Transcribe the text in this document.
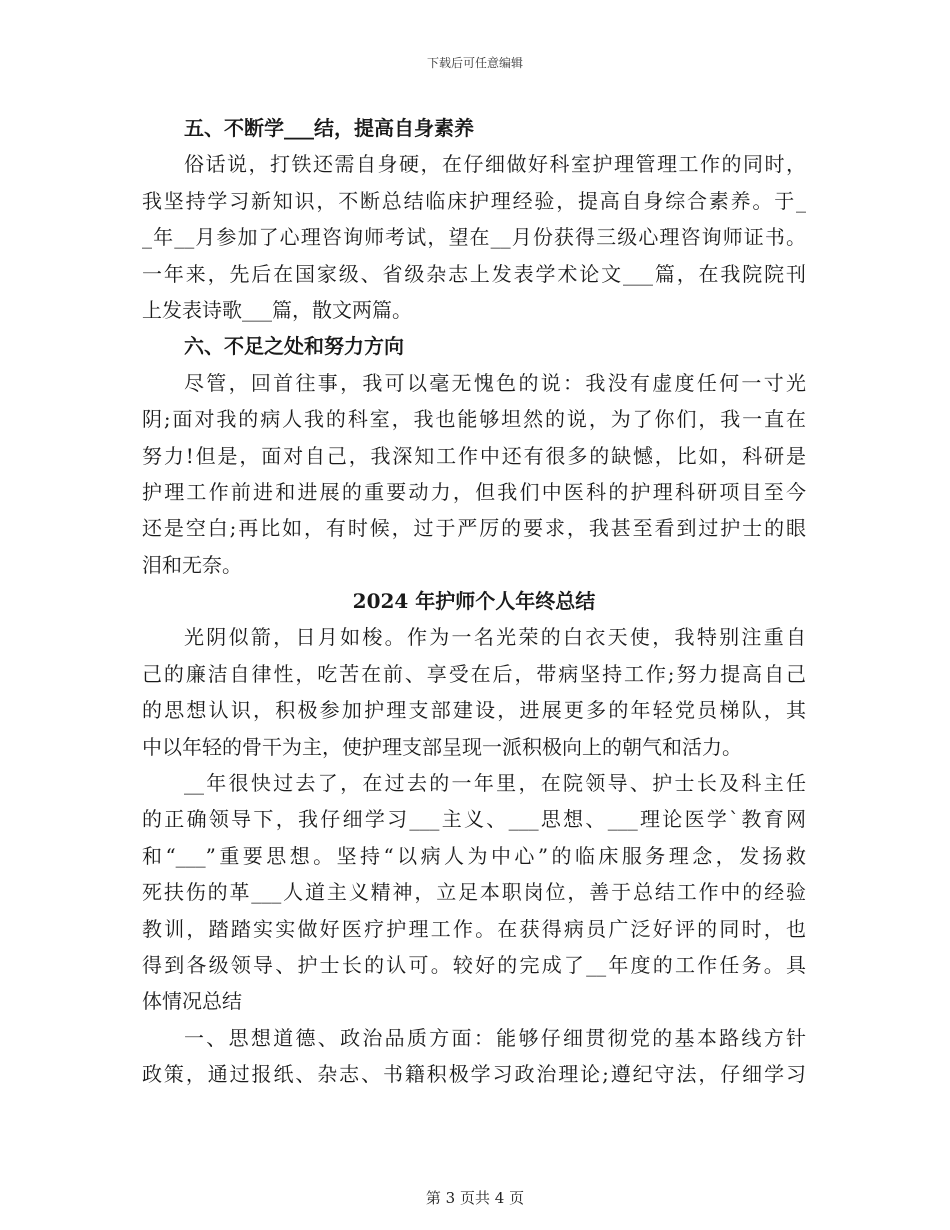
下载后可任意编辑
五、不断学___结，提高自身素养
俗话说，打铁还需自身硬，在仔细做好科室护理管理工作的同时，
我坚持学习新知识，不断总结临床护理经验，提高自身综合素养。于_
_年__月参加了心理咨询师考试，望在__月份获得三级心理咨询师证书。
一年来，先后在国家级、省级杂志上发表学术论文___篇，在我院院刊
上发表诗歌___篇，散文两篇。
六、不足之处和努力方向
尽管，回首往事，我可以毫无愧色的说：我没有虚度任何一寸光
阴;面对我的病人我的科室，我也能够坦然的说，为了你们，我一直在
努力!但是，面对自己，我深知工作中还有很多的缺憾，比如，科研是
护理工作前进和进展的重要动力，但我们中医科的护理科研项目至今
还是空白;再比如，有时候，过于严厉的要求，我甚至看到过护士的眼
泪和无奈。
2024 年护师个人年终总结
光阴似箭，日月如梭。作为一名光荣的白衣天使，我特别注重自
己的廉洁自律性，吃苦在前、享受在后，带病坚持工作;努力提高自己
的思想认识，积极参加护理支部建设，进展更多的年轻党员梯队，其
中以年轻的骨干为主，使护理支部呈现一派积极向上的朝气和活力。
__年很快过去了，在过去的一年里，在院领导、护士长及科主任
的正确领导下，我仔细学习___主义、___思想、___理论医学`教育网
和“___”重要思想。坚持“以病人为中心”的临床服务理念，发扬救
死扶伤的革___人道主义精神，立足本职岗位，善于总结工作中的经验
教训，踏踏实实做好医疗护理工作。在获得病员广泛好评的同时，也
得到各级领导、护士长的认可。较好的完成了__年度的工作任务。具
体情况总结
一、思想道德、政治品质方面：能够仔细贯彻党的基本路线方针
政策，通过报纸、杂志、书籍积极学习政治理论;遵纪守法，仔细学习
第 3 页共 4 页
